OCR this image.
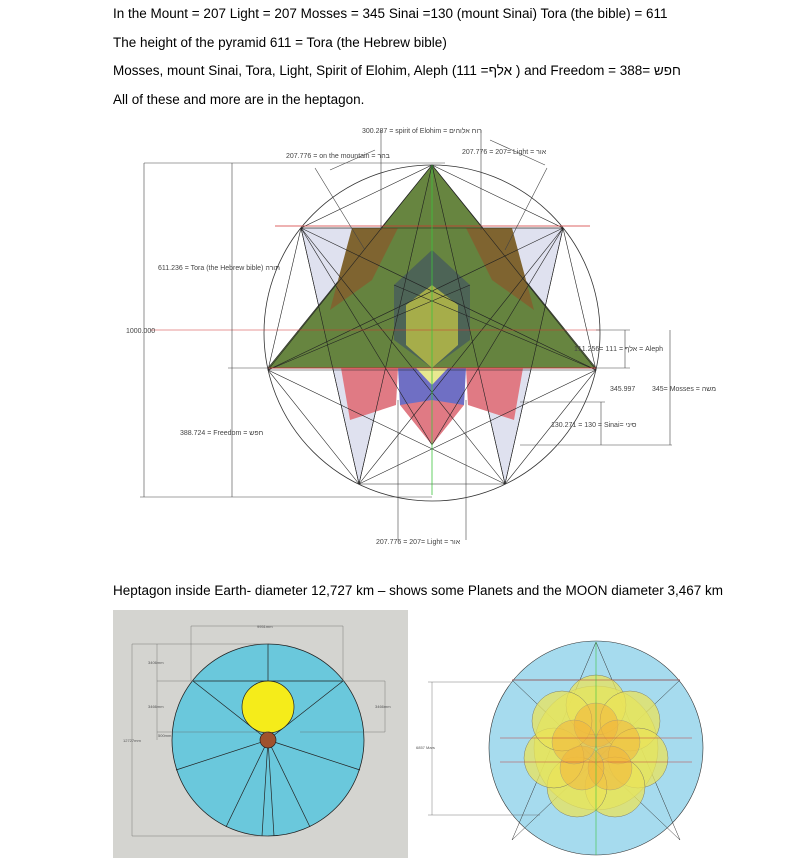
In the Mount = 207 Light = 207 Mosses = 345 Sinai =130 (mount Sinai) Tora (the bible) = 611
The height of the pyramid 611 = Tora (the Hebrew bible)
Mosses, mount Sinai, Tora, Light, Spirit of Elohim, Aleph (111 =אלף ) and Freedom = 388= חפש
All of these and more are in the heptagon.
Heptagon inside Earth- diameter 12,727 km – shows some Planets and the MOON diameter 3,467 km
300.287 = spirit of Elohim = רוח אלוהים
207.776 = on the mountain = בהר
207.776 = 207= Light = אור
611.236 = Tora (the Hebrew bible) תורה
1000.000
111.256= 111 = אלף = Aleph
345.997 345= Mosses = משה
130.271 = 130 = Sinai= סיני
388.724 = Freedom = חפש
207.776 = 207= Light = אור
9951mm
3406mm
3466mm	3466mm
500mm
12727mm
6857 Mars
